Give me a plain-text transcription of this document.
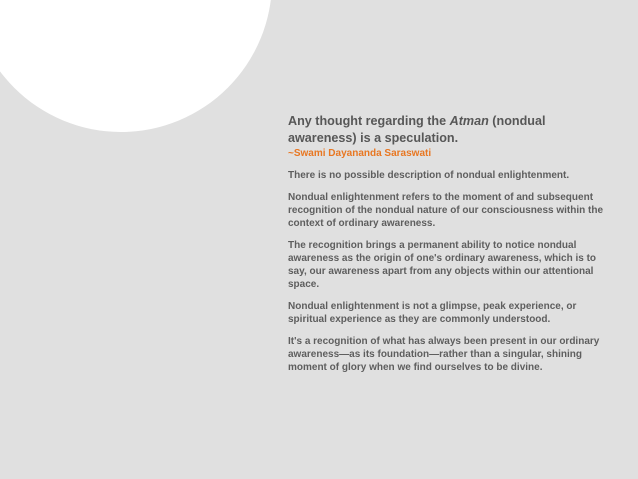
Any thought regarding the Atman (nondual awareness) is a speculation.

~Swami Dayananda Saraswati

There is no possible description of nondual enlightenment.

Nondual enlightenment refers to the moment of and subsequent recognition of the nondual nature of our consciousness within the context of ordinary awareness.

The recognition brings a permanent ability to notice nondual awareness as the origin of one's ordinary awareness, which is to say, our awareness apart from any objects within our attentional space.

Nondual enlightenment is not a glimpse, peak experience, or spiritual experience as they are commonly understood.

It's a recognition of what has always been present in our ordinary awareness—as its foundation—rather than a singular, shining moment of glory when we find ourselves to be divine.
